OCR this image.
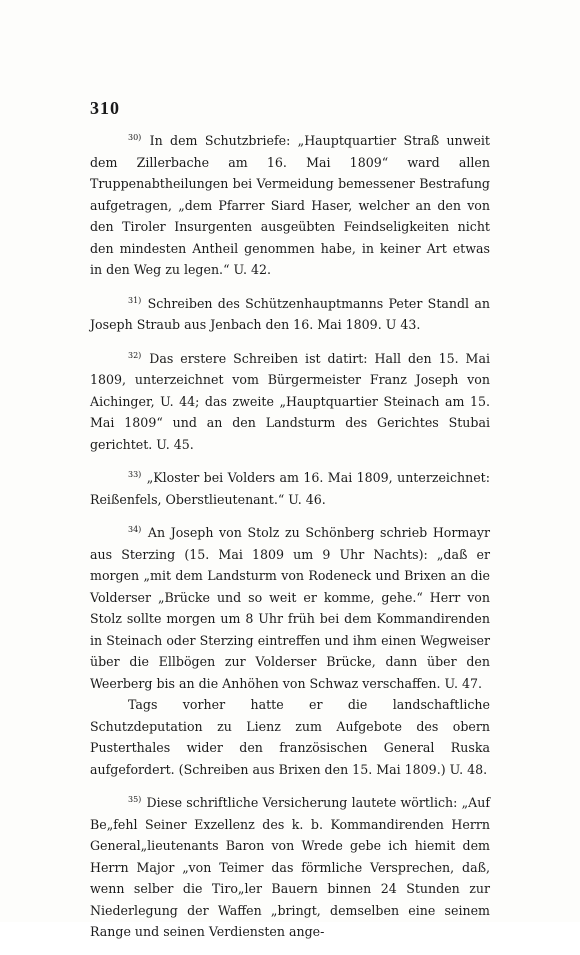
310

$^{30)}$ In dem Schutzbriefe: „Hauptquartier Straß unweit dem Zillerbache am 16. Mai 1809“ ward allen Truppenabtheilungen bei Vermeidung bemessener Bestrafung aufgetragen, „dem Pfarrer Siard Haser, welcher an den von den Tiroler Insurgenten ausgeübten Feindseligkeiten nicht den mindesten Antheil genommen habe, in keiner Art etwas in den Weg zu legen.“ U. 42.

$^{31)}$ Schreiben des Schützenhauptmanns Peter Standl an Joseph Straub aus Jenbach den 16. Mai 1809. U 43.

$^{32)}$ Das erstere Schreiben ist datirt: Hall den 15. Mai 1809, unterzeichnet vom Bürgermeister Franz Joseph von Aichinger, U. 44; das zweite „Hauptquartier Steinach am 15. Mai 1809“ und an den Landsturm des Gerichtes Stubai gerichtet. U. 45.

$^{33)}$ „Kloster bei Volders am 16. Mai 1809, unterzeichnet: Reißenfels, Oberstlieutenant.“ U. 46.

$^{34)}$ An Joseph von Stolz zu Schönberg schrieb Hormayr aus Sterzing (15. Mai 1809 um 9 Uhr Nachts): „daß er morgen „mit dem Landsturm von Rodeneck und Brixen an die Volderser „Brücke und so weit er komme, gehe.“ Herr von Stolz sollte morgen um 8 Uhr früh bei dem Kommandirenden in Steinach oder Sterzing eintreffen und ihm einen Wegweiser über die Ellbögen zur Volderser Brücke, dann über den Weerberg bis an die Anhöhen von Schwaz verschaffen. U. 47.

Tags vorher hatte er die landschaftliche Schutzdeputation zu Lienz zum Aufgebote des obern Pusterthales wider den französischen General Ruska aufgefordert. (Schreiben aus Brixen den 15. Mai 1809.) U. 48.

$^{35)}$ Diese schriftliche Versicherung lautete wörtlich: „Auf Be„fehl Seiner Exzellenz des k. b. Kommandirenden Herrn General„lieutenants Baron von Wrede gebe ich hiemit dem Herrn Major „von Teimer das förmliche Versprechen, daß, wenn selber die Tiro„ler Bauern binnen 24 Stunden zur Niederlegung der Waffen „bringt, demselben eine seinem Range und seinen Verdiensten ange-
